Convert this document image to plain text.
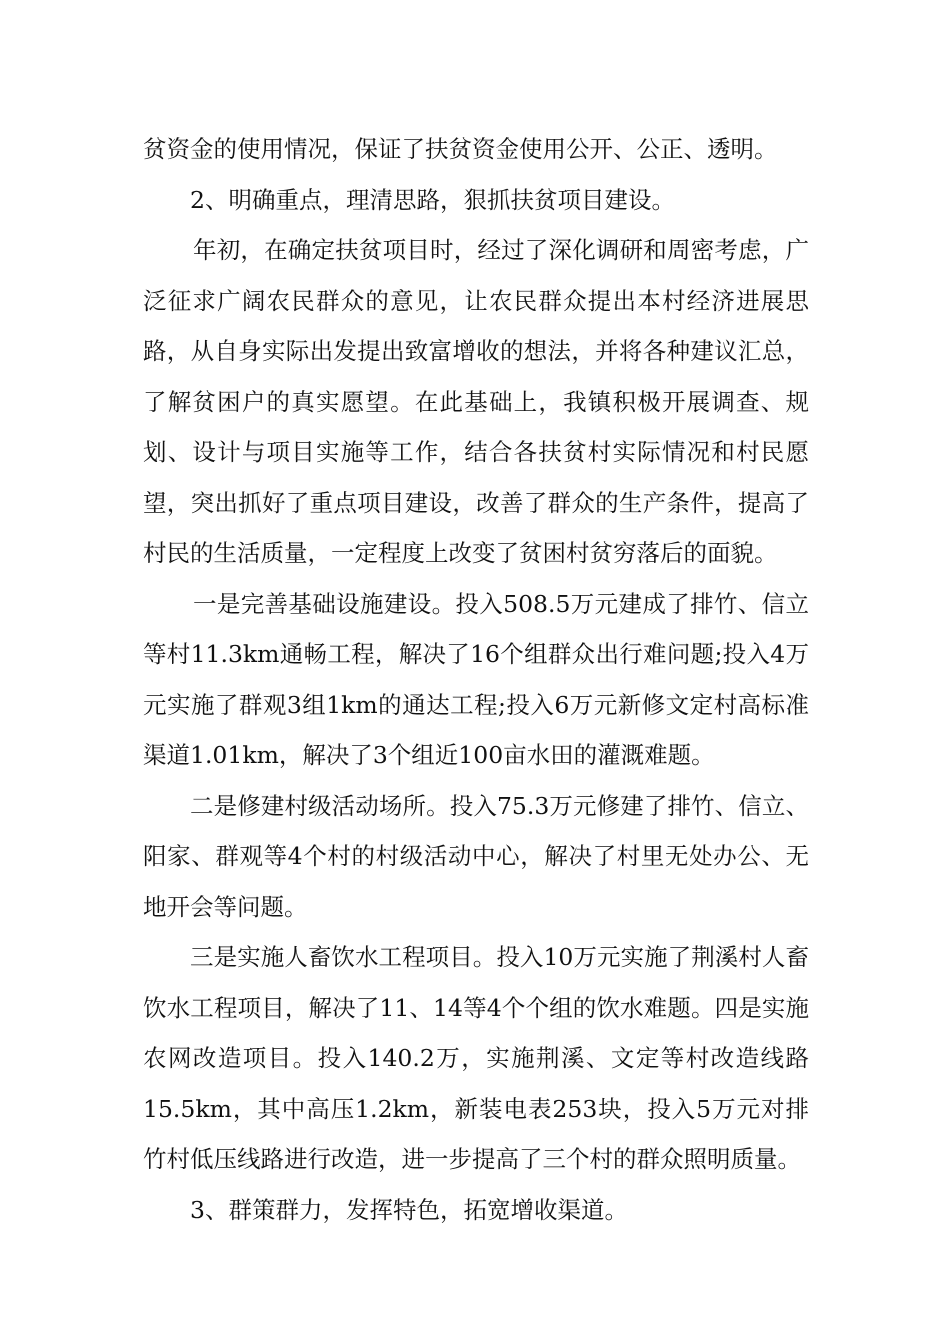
贫资金的使用情况，保证了扶贫资金使用公开、公正、透明。

2、明确重点，理清思路，狠抓扶贫项目建设。

年初，在确定扶贫项目时，经过了深化调研和周密考虑，广泛征求广阔农民群众的意见，让农民群众提出本村经济进展思路，从自身实际出发提出致富增收的想法，并将各种建议汇总，了解贫困户的真实愿望。在此基础上，我镇积极开展调查、规划、设计与项目实施等工作，结合各扶贫村实际情况和村民愿望，突出抓好了重点项目建设，改善了群众的生产条件，提高了村民的生活质量，一定程度上改变了贫困村贫穷落后的面貌。

一是完善基础设施建设。投入508.5万元建成了排竹、信立等村11.3km通畅工程，解决了16个组群众出行难问题;投入4万元实施了群观3组1km的通达工程;投入6万元新修文定村高标准渠道1.01km，解决了3个组近100亩水田的灌溉难题。

二是修建村级活动场所。投入75.3万元修建了排竹、信立、阳家、群观等4个村的村级活动中心，解决了村里无处办公、无地开会等问题。

三是实施人畜饮水工程项目。投入10万元实施了荆溪村人畜饮水工程项目，解决了11、14等4个个组的饮水难题。四是实施农网改造项目。投入140.2万，实施荆溪、文定等村改造线路15.5km，其中高压1.2km，新装电表253块，投入5万元对排竹村低压线路进行改造，进一步提高了三个村的群众照明质量。

3、群策群力，发挥特色，拓宽增收渠道。
